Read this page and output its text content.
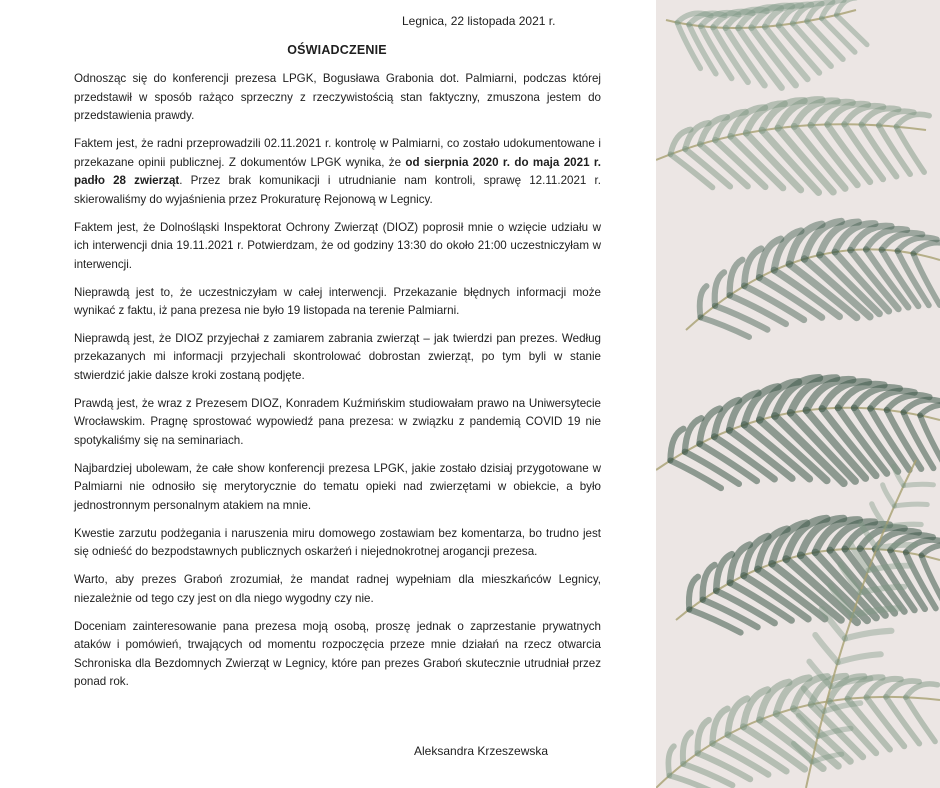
Legnica, 22 listopada 2021 r.
OŚWIADCZENIE

Odnosząc się do konferencji prezesa LPGK, Bogusława Grabonia dot. Palmiarni, podczas której przedstawił w sposób rażąco sprzeczny z rzeczywistością stan faktyczny, zmuszona jestem do przedstawienia prawdy.

Faktem jest, że radni przeprowadzili 02.11.2021 r. kontrolę w Palmiarni, co zostało udokumentowane i przekazane opinii publicznej. Z dokumentów LPGK wynika, że od sierpnia 2020 r. do maja 2021 r. padło 28 zwierząt. Przez brak komunikacji i utrudnianie nam kontroli, sprawę 12.11.2021 r. skierowaliśmy do wyjaśnienia przez Prokuraturę Rejonową w Legnicy.

Faktem jest, że Dolnośląski Inspektorat Ochrony Zwierząt (DIOZ) poprosił mnie o wzięcie udziału w ich interwencji dnia 19.11.2021 r. Potwierdzam, że od godziny 13:30 do około 21:00 uczestniczyłam w interwencji.

Nieprawdą jest to, że uczestniczyłam w całej interwencji. Przekazanie błędnych informacji może wynikać z faktu, iż pana prezesa nie było 19 listopada na terenie Palmiarni.

Nieprawdą jest, że DIOZ przyjechał z zamiarem zabrania zwierząt – jak twierdzi pan prezes. Według przekazanych mi informacji przyjechali skontrolować dobrostan zwierząt, po tym byli w stanie stwierdzić jakie dalsze kroki zostaną podjęte.

Prawdą jest, że wraz z Prezesem DIOZ, Konradem Kuźmińskim studiowałam prawo na Uniwersytecie Wrocławskim. Pragnę sprostować wypowiedź pana prezesa: w związku z pandemią COVID 19 nie spotykaliśmy się na seminariach.

Najbardziej ubolewam, że całe show konferencji prezesa LPGK, jakie zostało dzisiaj przygotowane w Palmiarni nie odnosiło się merytorycznie do tematu opieki nad zwierzętami w obiekcie, a było jednostronnym personalnym atakiem na mnie.

Kwestie zarzutu podżegania i naruszenia miru domowego zostawiam bez komentarza, bo trudno jest się odnieść do bezpodstawnych publicznych oskarżeń i niejednokrotnej arogancji prezesa.

Warto, aby prezes Graboń zrozumiał, że mandat radnej wypełniam dla mieszkańców Legnicy, niezależnie od tego czy jest on dla niego wygodny czy nie.

Doceniam zainteresowanie pana prezesa moją osobą, proszę jednak o zaprzestanie prywatnych ataków i pomówień, trwających od momentu rozpoczęcia przeze mnie działań na rzecz otwarcia Schroniska dla Bezdomnych Zwierząt w Legnicy, które pan prezes Graboń skutecznie utrudniał przez ponad rok.

Aleksandra Krzeszewska
